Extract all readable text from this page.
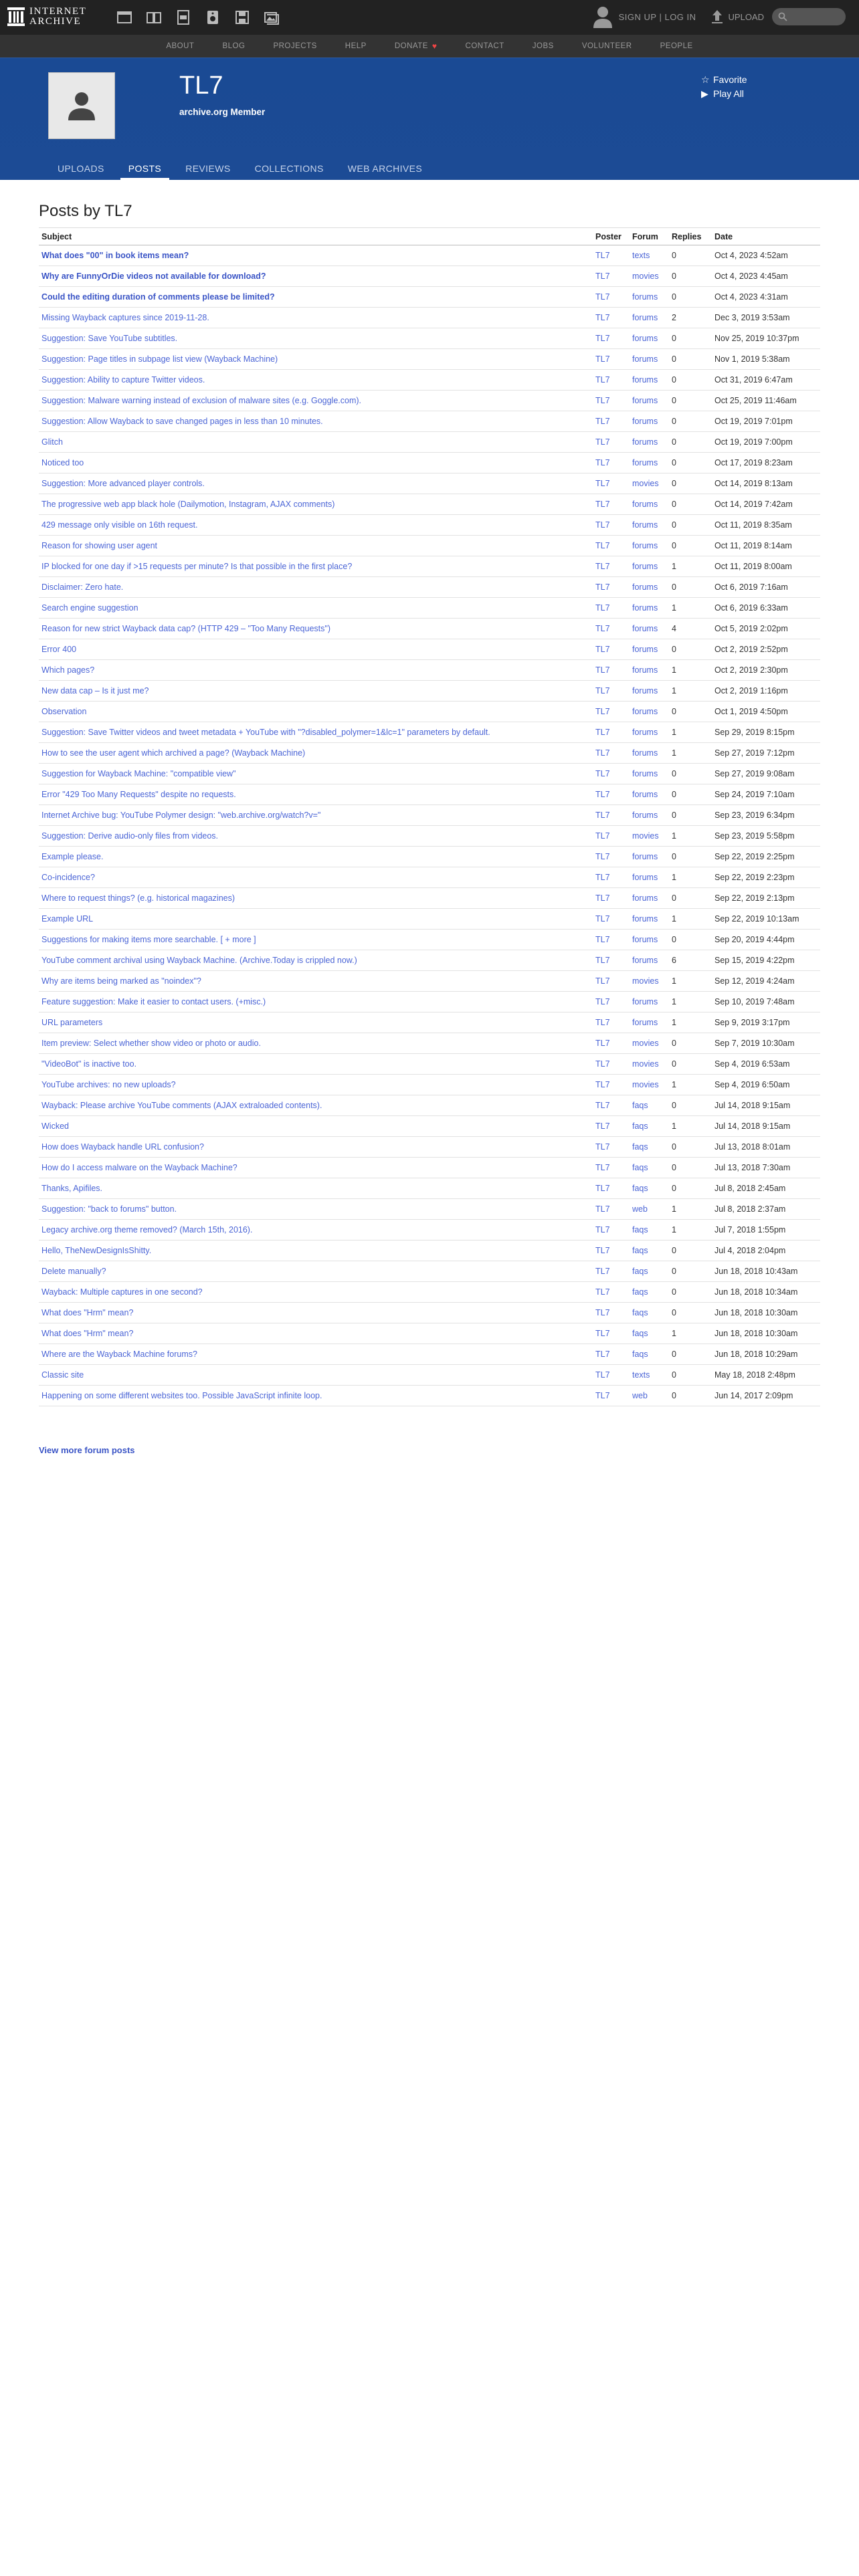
INTERNET
ARCHIVE	SIGN UP | LOG IN	UPLOAD
ABOUT	BLOG	PROJECTS	HELP	DONATE ♥	CONTACT	JOBS	VOLUNTEER	PEOPLE
TL7
archive.org Member
☆ Favorite
▶ Play All
UPLOADS	POSTS	REVIEWS	COLLECTIONS	WEB ARCHIVES
Posts by TL7
Subject	Poster	Forum	Replies	Date
What does "00" in book items mean?	TL7	texts	0	Oct 4, 2023 4:52am
Why are FunnyOrDie videos not available for download?	TL7	movies	0	Oct 4, 2023 4:45am
Could the editing duration of comments please be limited?	TL7	forums	0	Oct 4, 2023 4:31am
Missing Wayback captures since 2019-11-28.	TL7	forums	2	Dec 3, 2019 3:53am
Suggestion: Save YouTube subtitles.	TL7	forums	0	Nov 25, 2019 10:37pm
Suggestion: Page titles in subpage list view (Wayback Machine)	TL7	forums	0	Nov 1, 2019 5:38am
Suggestion: Ability to capture Twitter videos.	TL7	forums	0	Oct 31, 2019 6:47am
Suggestion: Malware warning instead of exclusion of malware sites (e.g. Goggle.com).	TL7	forums	0	Oct 25, 2019 11:46am
Suggestion: Allow Wayback to save changed pages in less than 10 minutes.	TL7	forums	0	Oct 19, 2019 7:01pm
Glitch	TL7	forums	0	Oct 19, 2019 7:00pm
Noticed too	TL7	forums	0	Oct 17, 2019 8:23am
Suggestion: More advanced player controls.	TL7	movies	0	Oct 14, 2019 8:13am
The progressive web app black hole (Dailymotion, Instagram, AJAX comments)	TL7	forums	0	Oct 14, 2019 7:42am
429 message only visible on 16th request.	TL7	forums	0	Oct 11, 2019 8:35am
Reason for showing user agent	TL7	forums	0	Oct 11, 2019 8:14am
IP blocked for one day if >15 requests per minute? Is that possible in the first place?	TL7	forums	1	Oct 11, 2019 8:00am
Disclaimer: Zero hate.	TL7	forums	0	Oct 6, 2019 7:16am
Search engine suggestion	TL7	forums	1	Oct 6, 2019 6:33am
Reason for new strict Wayback data cap? (HTTP 429 – "Too Many Requests")	TL7	forums	4	Oct 5, 2019 2:02pm
Error 400	TL7	forums	0	Oct 2, 2019 2:52pm
Which pages?	TL7	forums	1	Oct 2, 2019 2:30pm
New data cap – Is it just me?	TL7	forums	1	Oct 2, 2019 1:16pm
Observation	TL7	forums	0	Oct 1, 2019 4:50pm
Suggestion: Save Twitter videos and tweet metadata + YouTube with "?disabled_polymer=1&lc=1" parameters by default.	TL7	forums	1	Sep 29, 2019 8:15pm
How to see the user agent which archived a page? (Wayback Machine)	TL7	forums	1	Sep 27, 2019 7:12pm
Suggestion for Wayback Machine: "compatible view"	TL7	forums	0	Sep 27, 2019 9:08am
Error "429 Too Many Requests" despite no requests.	TL7	forums	0	Sep 24, 2019 7:10am
Internet Archive bug: YouTube Polymer design: "web.archive.org/watch?v="	TL7	forums	0	Sep 23, 2019 6:34pm
Suggestion: Derive audio-only files from videos.	TL7	movies	1	Sep 23, 2019 5:58pm
Example please.	TL7	forums	0	Sep 22, 2019 2:25pm
Co-incidence?	TL7	forums	1	Sep 22, 2019 2:23pm
Where to request things? (e.g. historical magazines)	TL7	forums	0	Sep 22, 2019 2:13pm
Example URL	TL7	forums	1	Sep 22, 2019 10:13am
Suggestions for making items more searchable. [ + more ]	TL7	forums	0	Sep 20, 2019 4:44pm
YouTube comment archival using Wayback Machine. (Archive.Today is crippled now.)	TL7	forums	6	Sep 15, 2019 4:22pm
Why are items being marked as "noindex"?	TL7	movies	1	Sep 12, 2019 4:24am
Feature suggestion: Make it easier to contact users. (+misc.)	TL7	forums	1	Sep 10, 2019 7:48am
URL parameters	TL7	forums	1	Sep 9, 2019 3:17pm
Item preview: Select whether show video or photo or audio.	TL7	movies	0	Sep 7, 2019 10:30am
"VideoBot" is inactive too.	TL7	movies	0	Sep 4, 2019 6:53am
YouTube archives: no new uploads?	TL7	movies	1	Sep 4, 2019 6:50am
Wayback: Please archive YouTube comments (AJAX extraloaded contents).	TL7	faqs	0	Jul 14, 2018 9:15am
Wicked	TL7	faqs	1	Jul 14, 2018 9:15am
How does Wayback handle URL confusion?	TL7	faqs	0	Jul 13, 2018 8:01am
How do I access malware on the Wayback Machine?	TL7	faqs	0	Jul 13, 2018 7:30am
Thanks, Apifiles.	TL7	faqs	0	Jul 8, 2018 2:45am
Suggestion: "back to forums" button.	TL7	web	1	Jul 8, 2018 2:37am
Legacy archive.org theme removed? (March 15th, 2016).	TL7	faqs	1	Jul 7, 2018 1:55pm
Hello, TheNewDesignIsShitty.	TL7	faqs	0	Jul 4, 2018 2:04pm
Delete manually?	TL7	faqs	0	Jun 18, 2018 10:43am
Wayback: Multiple captures in one second?	TL7	faqs	0	Jun 18, 2018 10:34am
What does "Hrm" mean?	TL7	faqs	0	Jun 18, 2018 10:30am
What does "Hrm" mean?	TL7	faqs	1	Jun 18, 2018 10:30am
Where are the Wayback Machine forums?	TL7	faqs	0	Jun 18, 2018 10:29am
Classic site	TL7	texts	0	May 18, 2018 2:48pm
Happening on some different websites too. Possible JavaScript infinite loop.	TL7	web	0	Jun 14, 2017 2:09pm
View more forum posts
